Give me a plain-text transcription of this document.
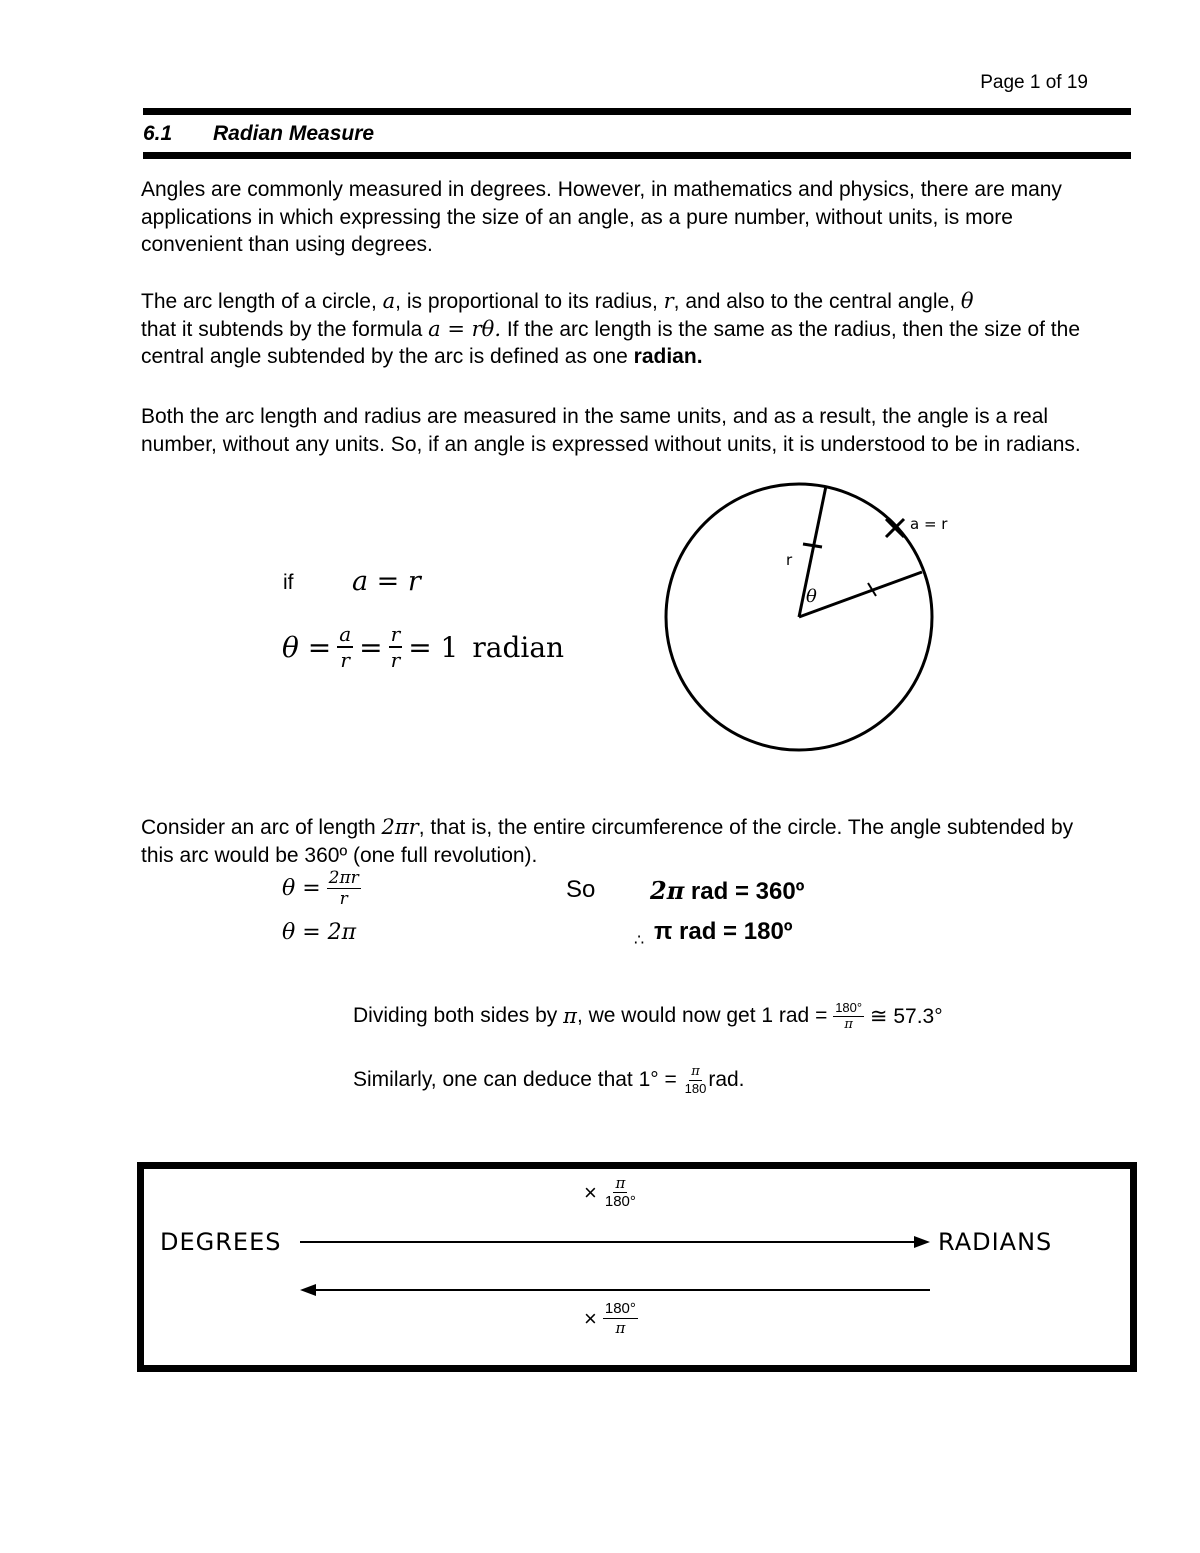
Page 1 of 19
6.1 Radian Measure
Angles are commonly measured in degrees. However, in mathematics and physics, there are many applications in which expressing the size of an angle, as a pure number, without units, is more convenient than using degrees.
The arc length of a circle, a, is proportional to its radius, r, and also to the central angle, θ
that it subtends by the formula a = rθ. If the arc length is the same as the radius, then the size of the central angle subtended by the arc is defined as one radian.
Both the arc length and radius are measured in the same units, and as a result, the angle is a real number, without any units. So, if an angle is expressed without units, it is understood to be in radians.
if a = r
$\theta = \frac{a}{r} = \frac{r}{r} = 1$ radian
r
θ
a = r
Consider an arc of length 2πr, that is, the entire circumference of the circle. The angle subtended by this arc would be 360º (one full revolution).
$\theta = \frac{2\pi r}{r}$
θ = 2π
So 2π rad = 360º
∴ π rad = 180º
Dividing both sides by π , we would now get 1 rad = $\frac{180^\circ}{\pi}$ ≅ 57.3°
Similarly, one can deduce that $1^\circ = \frac{\pi}{180}$ rad.
DEGREES	RADIANS
× $\frac{\pi}{180^\circ}$
× $\frac{180^\circ}{\pi}$
